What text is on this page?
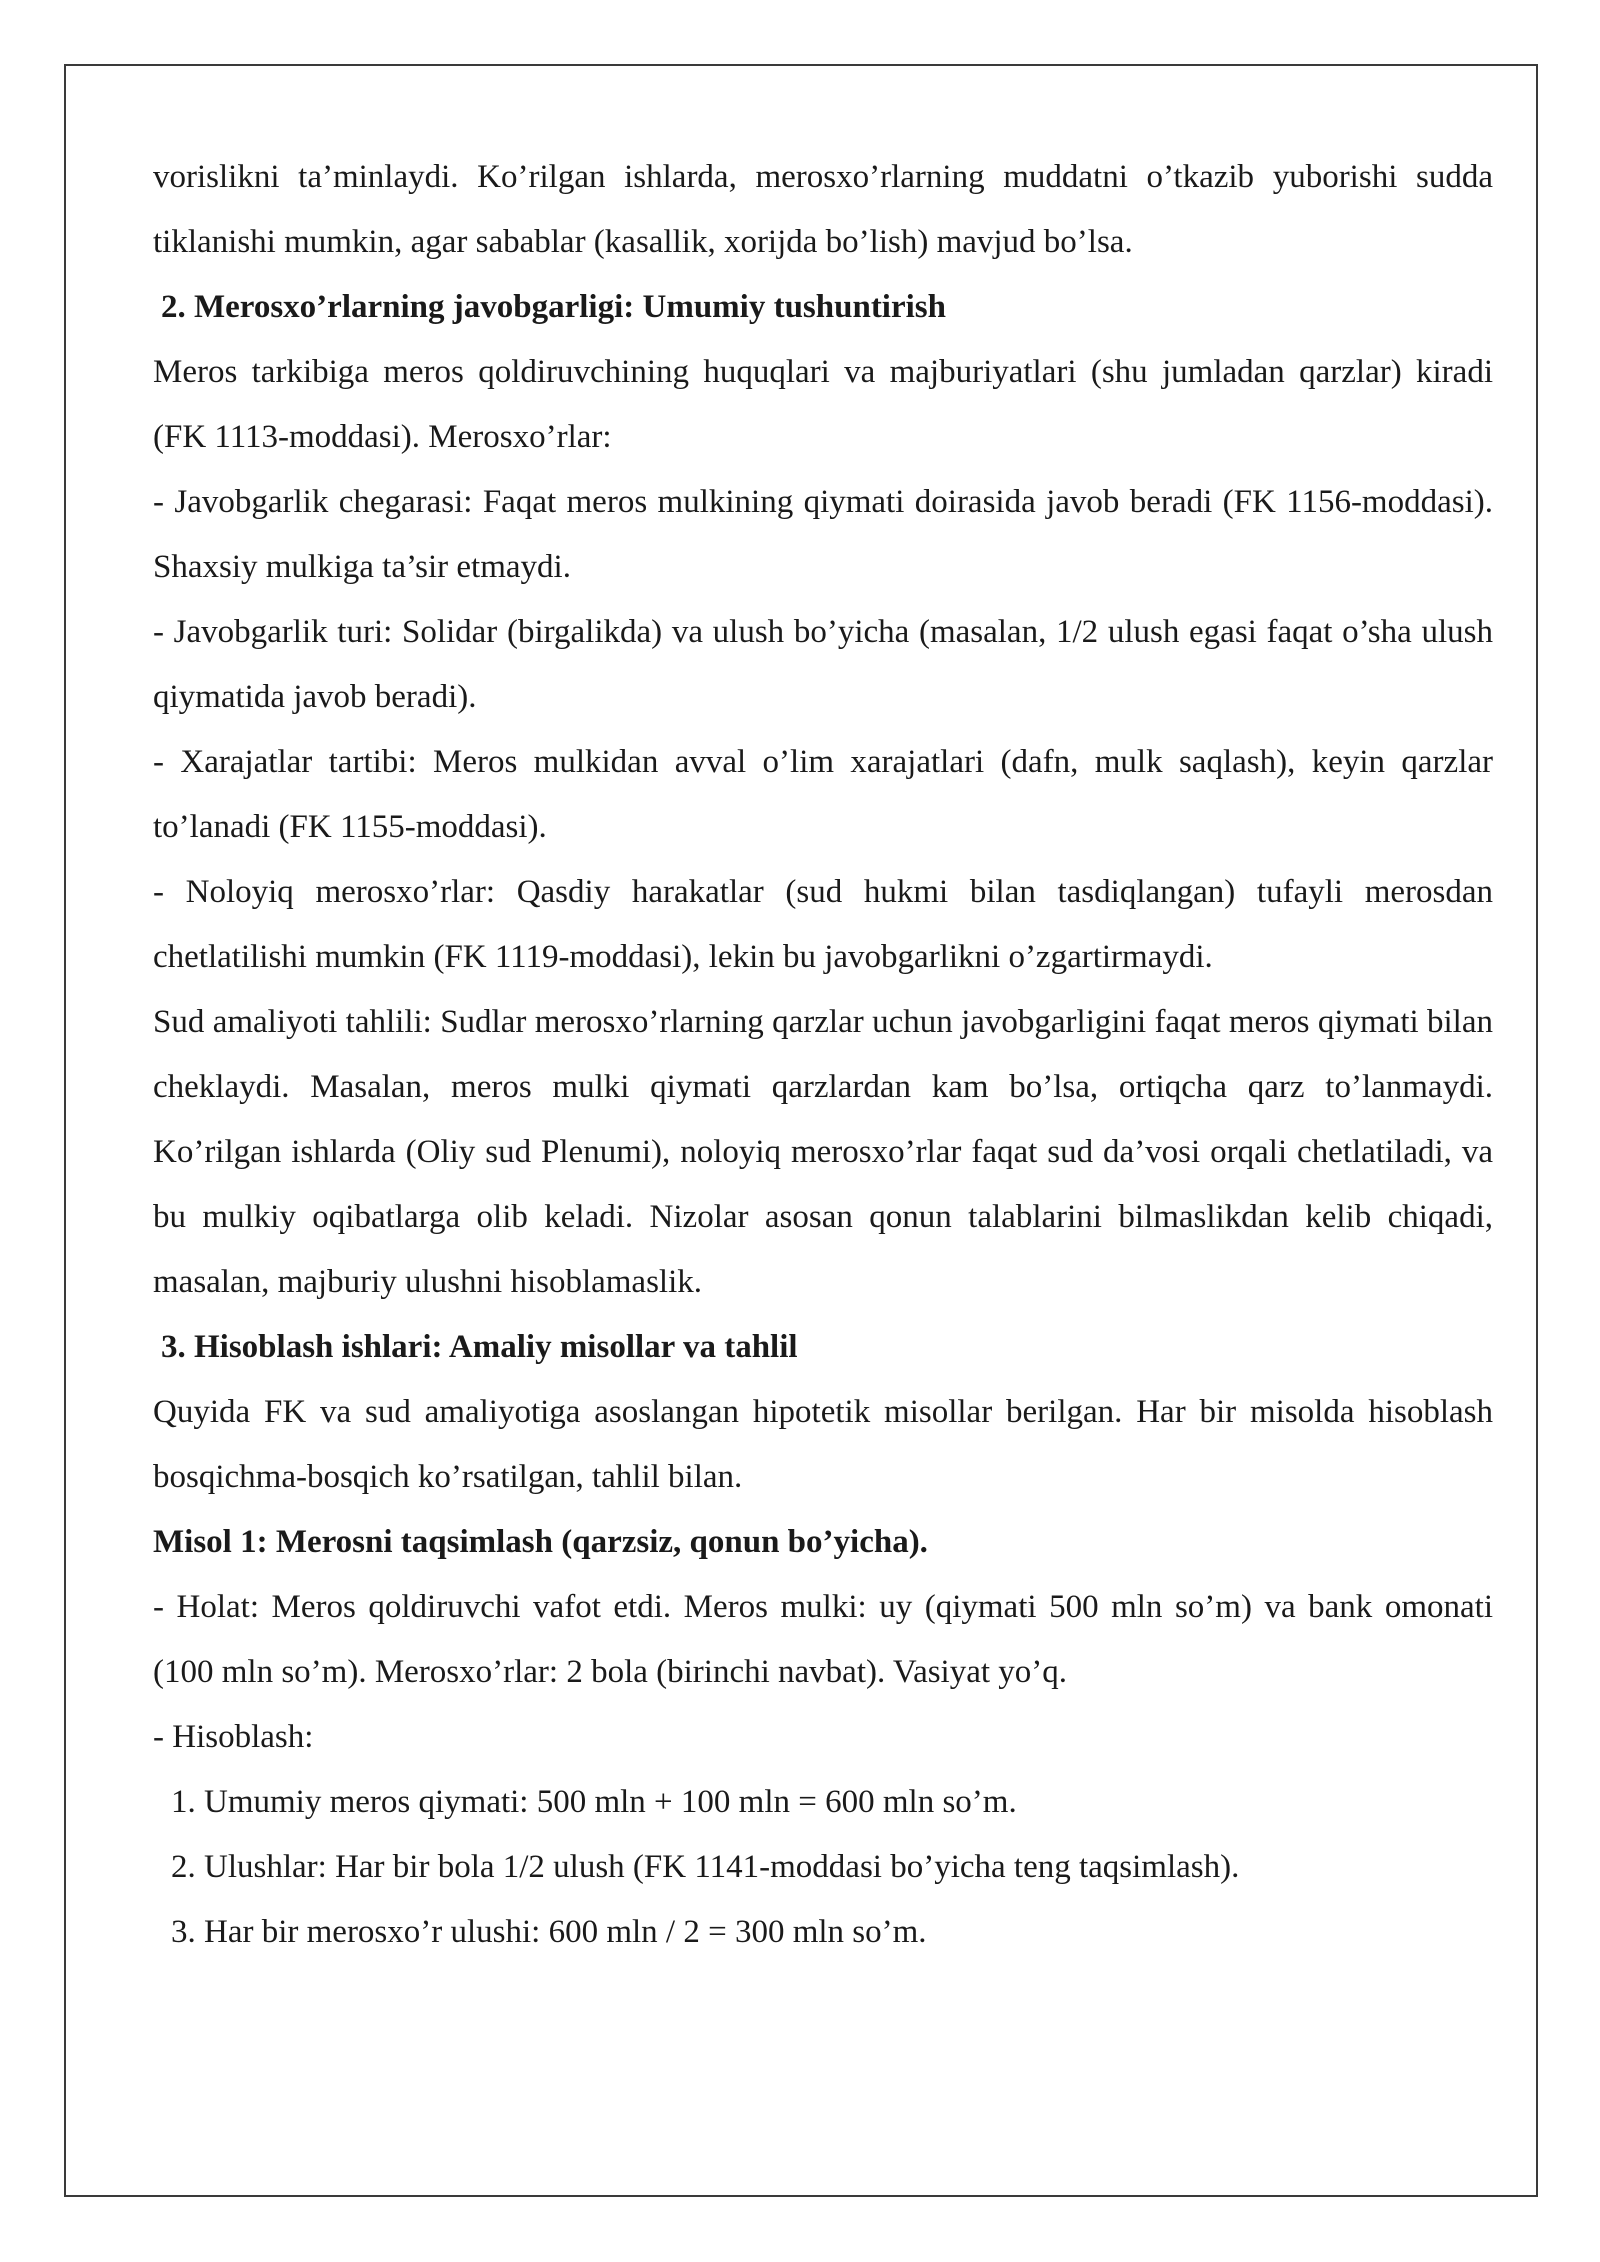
vorislikni ta’minlaydi. Ko’rilgan ishlarda, merosxo’rlarning muddatni o’tkazib yuborishi sudda tiklanishi mumkin, agar sabablar (kasallik, xorijda bo’lish) mavjud bo’lsa.

2. Merosxo’rlarning javobgarligi: Umumiy tushuntirish

Meros tarkibiga meros qoldiruvchining huquqlari va majburiyatlari (shu jumladan qarzlar) kiradi (FK 1113-moddasi). Merosxo’rlar:

- Javobgarlik chegarasi: Faqat meros mulkining qiymati doirasida javob beradi (FK 1156-moddasi). Shaxsiy mulkiga ta’sir etmaydi.

- Javobgarlik turi: Solidar (birgalikda) va ulush bo’yicha (masalan, 1/2 ulush egasi faqat o’sha ulush qiymatida javob beradi).

- Xarajatlar tartibi: Meros mulkidan avval o’lim xarajatlari (dafn, mulk saqlash), keyin qarzlar to’lanadi (FK 1155-moddasi).

- Noloyiq merosxo’rlar: Qasdiy harakatlar (sud hukmi bilan tasdiqlangan) tufayli merosdan chetlatilishi mumkin (FK 1119-moddasi), lekin bu javobgarlikni o’zgartirmaydi.

Sud amaliyoti tahlili: Sudlar merosxo’rlarning qarzlar uchun javobgarligini faqat meros qiymati bilan cheklaydi. Masalan, meros mulki qiymati qarzlardan kam bo’lsa, ortiqcha qarz to’lanmaydi. Ko’rilgan ishlarda (Oliy sud Plenumi), noloyiq merosxo’rlar faqat sud da’vosi orqali chetlatiladi, va bu mulkiy oqibatlarga olib keladi. Nizolar asosan qonun talablarini bilmaslikdan kelib chiqadi, masalan, majburiy ulushni hisoblamaslik.

3. Hisoblash ishlari: Amaliy misollar va tahlil

Quyida FK va sud amaliyotiga asoslangan hipotetik misollar berilgan. Har bir misolda hisoblash bosqichma-bosqich ko’rsatilgan, tahlil bilan.

Misol 1: Merosni taqsimlash (qarzsiz, qonun bo’yicha).

- Holat: Meros qoldiruvchi vafot etdi. Meros mulki: uy (qiymati 500 mln so’m) va bank omonati (100 mln so’m). Merosxo’rlar: 2 bola (birinchi navbat). Vasiyat yo’q.

- Hisoblash:

1. Umumiy meros qiymati: 500 mln + 100 mln = 600 mln so’m.

2. Ulushlar: Har bir bola 1/2 ulush (FK 1141-moddasi bo’yicha teng taqsimlash).

3. Har bir merosxo’r ulushi: 600 mln / 2 = 300 mln so’m.
